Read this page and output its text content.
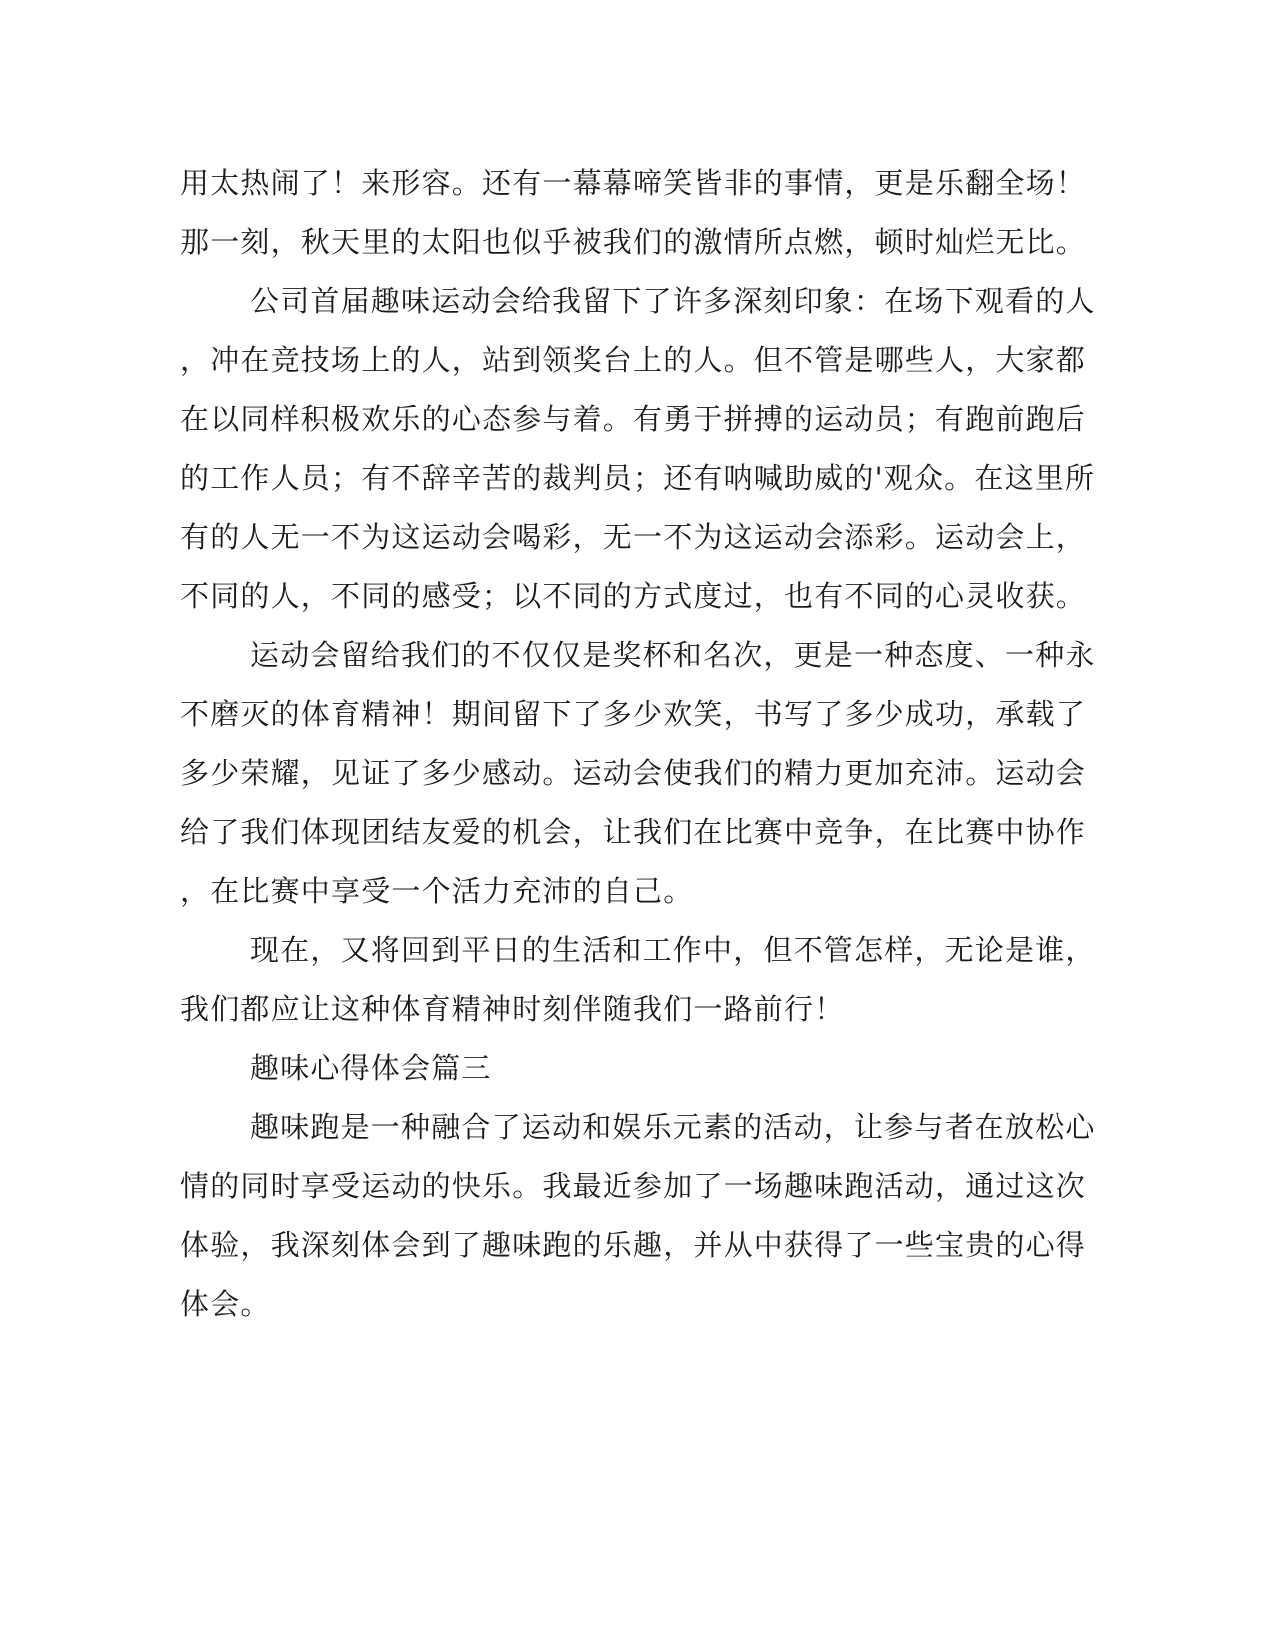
用太热闹了！来形容。还有一幕幕啼笑皆非的事情，更是乐翻全场！
那一刻，秋天里的太阳也似乎被我们的激情所点燃，顿时灿烂无比。
公司首届趣味运动会给我留下了许多深刻印象：在场下观看的人
，冲在竞技场上的人，站到领奖台上的人。但不管是哪些人，大家都
在以同样积极欢乐的心态参与着。有勇于拼搏的运动员；有跑前跑后
的工作人员；有不辞辛苦的裁判员；还有呐喊助威的'观众。在这里所
有的人无一不为这运动会喝彩，无一不为这运动会添彩。运动会上，
不同的人，不同的感受；以不同的方式度过，也有不同的心灵收获。
运动会留给我们的不仅仅是奖杯和名次，更是一种态度、一种永
不磨灭的体育精神！期间留下了多少欢笑，书写了多少成功，承载了
多少荣耀，见证了多少感动。运动会使我们的精力更加充沛。运动会
给了我们体现团结友爱的机会，让我们在比赛中竞争，在比赛中协作
，在比赛中享受一个活力充沛的自己。
现在，又将回到平日的生活和工作中，但不管怎样，无论是谁，
我们都应让这种体育精神时刻伴随我们一路前行！
趣味心得体会篇三
趣味跑是一种融合了运动和娱乐元素的活动，让参与者在放松心
情的同时享受运动的快乐。我最近参加了一场趣味跑活动，通过这次
体验，我深刻体会到了趣味跑的乐趣，并从中获得了一些宝贵的心得
体会。
